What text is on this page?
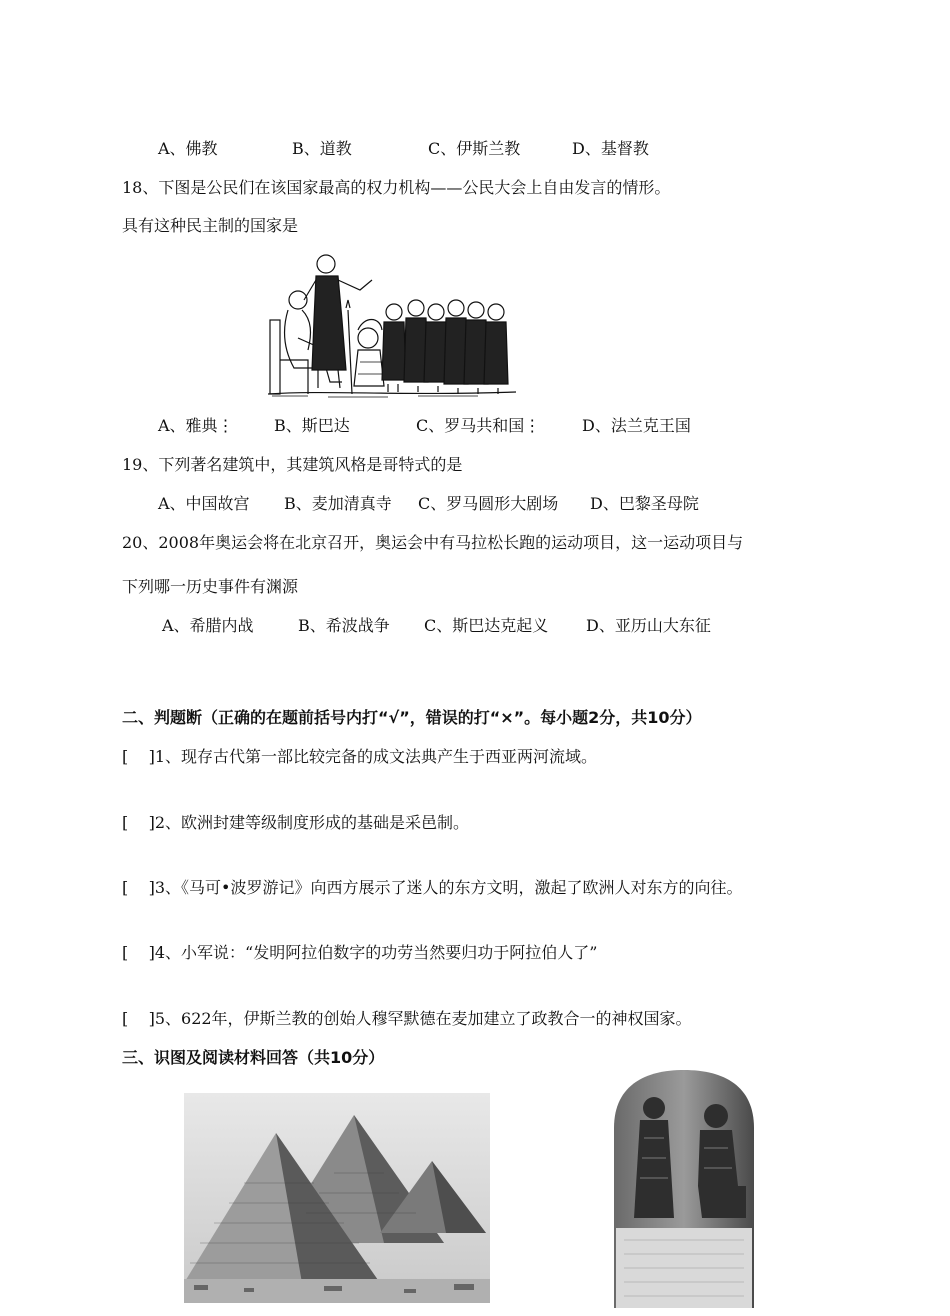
A、佛教	B、道教	C、伊斯兰教	D、基督教
18、下图是公民们在该国家最高的权力机构——公民大会上自由发言的情形。
具有这种民主制的国家是
A、雅典⋮	B、斯巴达	C、罗马共和国⋮	D、法兰克王国
19、下列著名建筑中，其建筑风格是哥特式的是
A、中国故宫 B、麦加清真寺 C、罗马圆形大剧场 D、巴黎圣母院
20、2008年奥运会将在北京召开，奥运会中有马拉松长跑的运动项目，这一运动项目与
下列哪一历史事件有渊源
A、希腊内战	B、希波战争 C、斯巴达克起义 D、亚历山大东征
二、判题断（正确的在题前括号内打“√”，错误的打“×”。每小题2分，共10分）
[    ]1、现存古代第一部比较完备的成文法典产生于西亚两河流域。
[    ]2、欧洲封建等级制度形成的基础是采邑制。
[    ]3、《马可•波罗游记》向西方展示了迷人的东方文明，激起了欧洲人对东方的向往。
[    ]4、小军说：“发明阿拉伯数字的功劳当然要归功于阿拉伯人了”
[    ]5、622年，伊斯兰教的创始人穆罕默德在麦加建立了政教合一的神权国家。
三、识图及阅读材料回答（共10分）
